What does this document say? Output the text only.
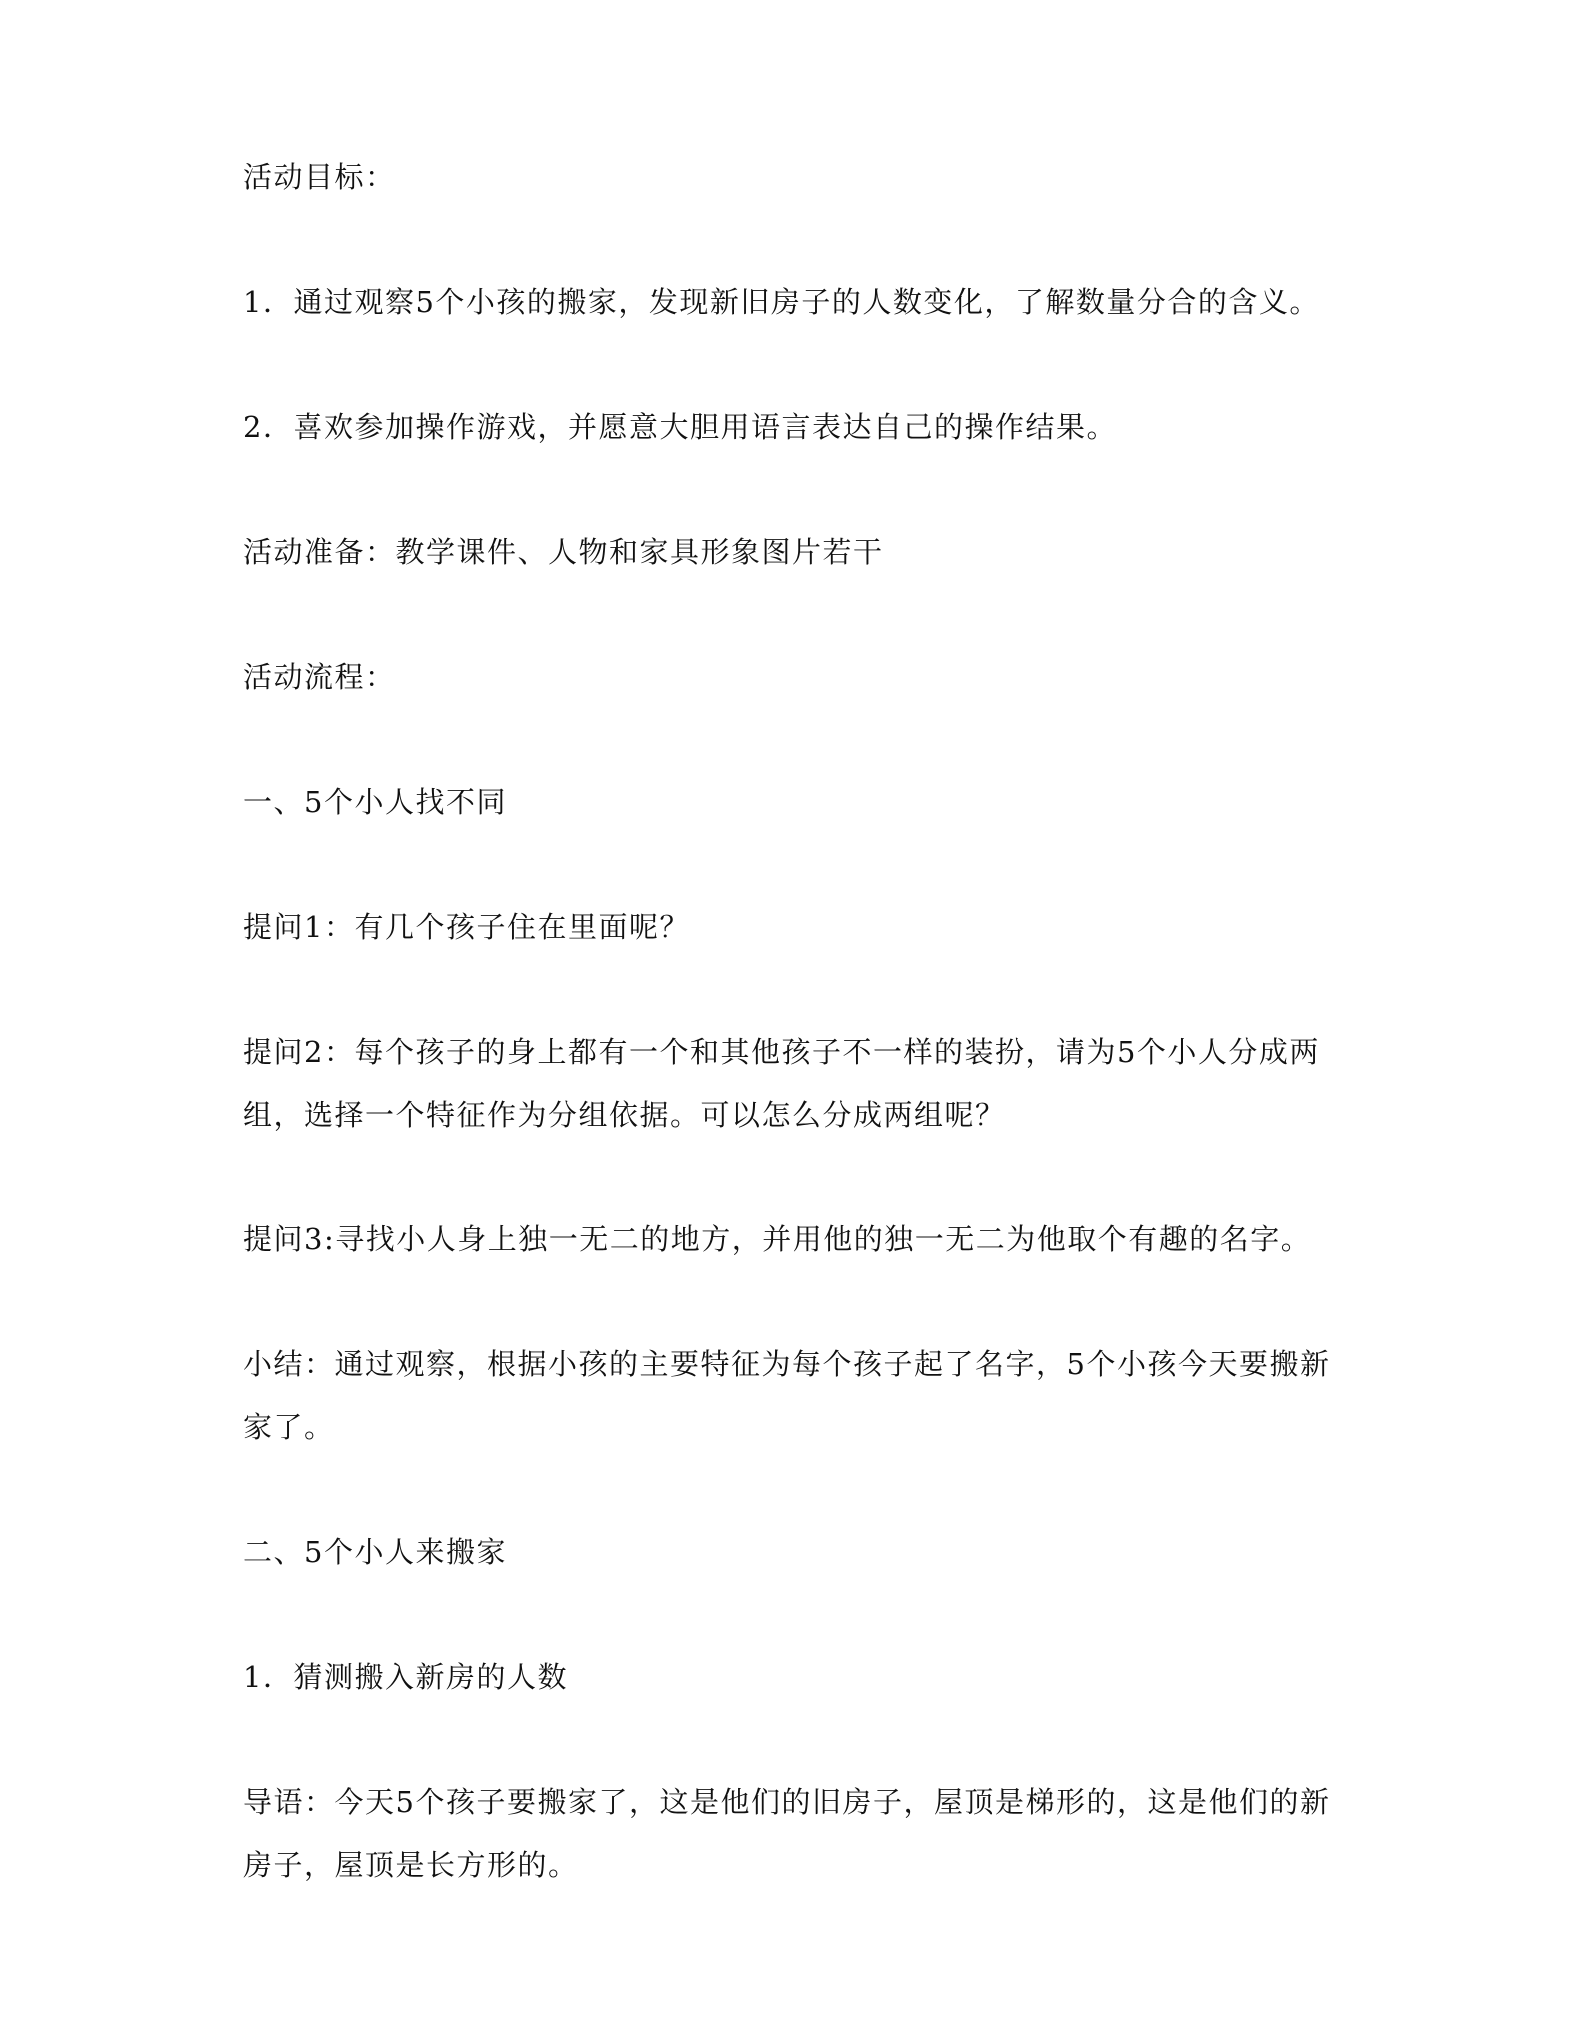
活动目标：

1．通过观察5个小孩的搬家，发现新旧房子的人数变化，了解数量分合的含义。

2．喜欢参加操作游戏，并愿意大胆用语言表达自己的操作结果。

活动准备：教学课件、人物和家具形象图片若干

活动流程：

一、5个小人找不同

提问1：有几个孩子住在里面呢？

提问2：每个孩子的身上都有一个和其他孩子不一样的装扮，请为5个小人分成两组，选择一个特征作为分组依据。可以怎么分成两组呢？

提问3:寻找小人身上独一无二的地方，并用他的独一无二为他取个有趣的名字。

小结：通过观察，根据小孩的主要特征为每个孩子起了名字，5个小孩今天要搬新家了。

二、5个小人来搬家

1．猜测搬入新房的人数

导语：今天5个孩子要搬家了，这是他们的旧房子，屋顶是梯形的，这是他们的新房子，屋顶是长方形的。
